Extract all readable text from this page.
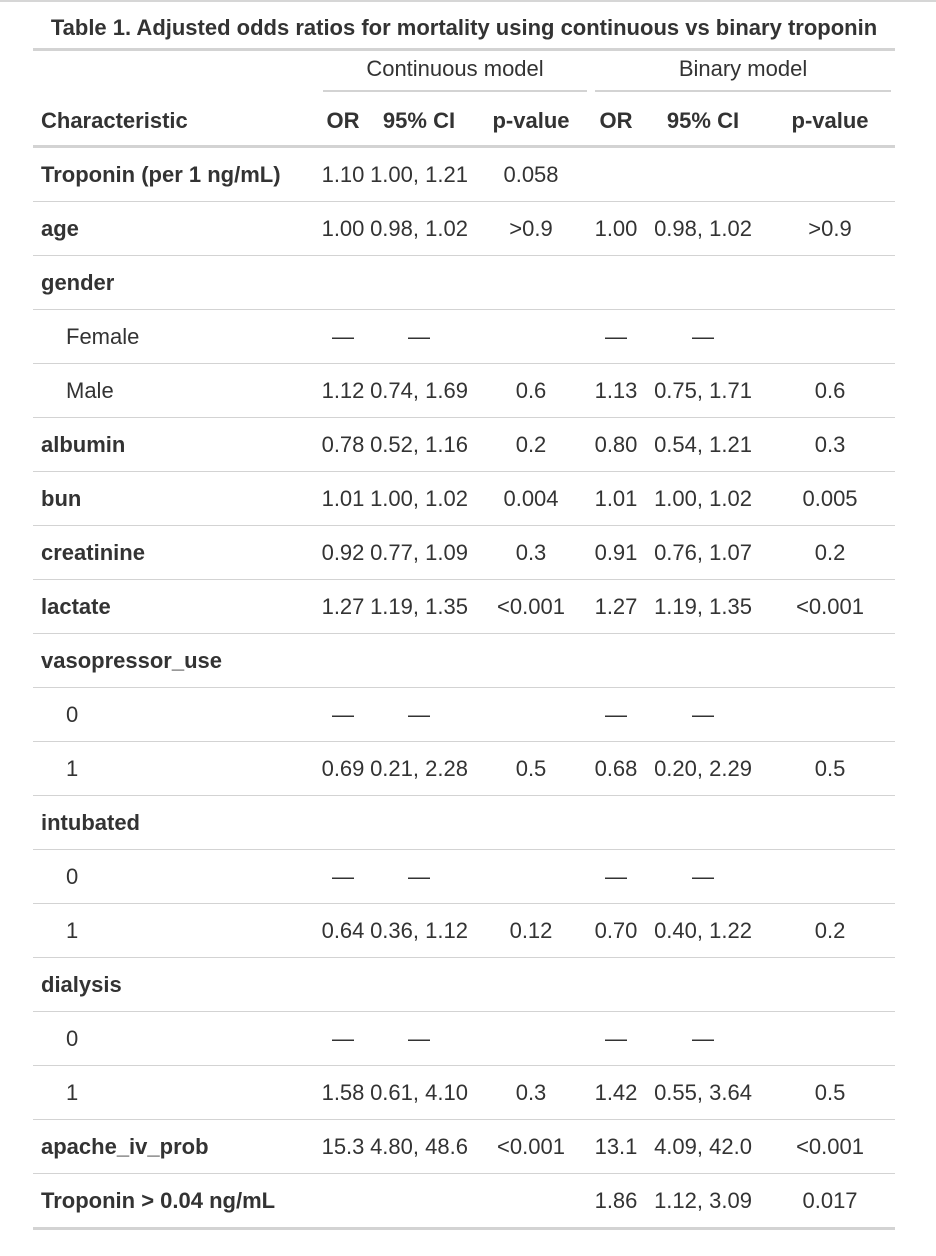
Table 1. Adjusted odds ratios for mortality using continuous vs binary troponin

	Continuous model			Binary model		

Characteristic	OR	95% CI	p-value	OR	95% CI	p-value
Troponin (per 1 ng/mL)	1.10	1.00, 1.21	0.058			
age	1.00	0.98, 1.02	>0.9	1.00	0.98, 1.02	>0.9
gender						
Female	—	—		—	—	
Male	1.12	0.74, 1.69	0.6	1.13	0.75, 1.71	0.6
albumin	0.78	0.52, 1.16	0.2	0.80	0.54, 1.21	0.3
bun	1.01	1.00, 1.02	0.004	1.01	1.00, 1.02	0.005
creatinine	0.92	0.77, 1.09	0.3	0.91	0.76, 1.07	0.2
lactate	1.27	1.19, 1.35	<0.001	1.27	1.19, 1.35	<0.001
vasopressor_use						
0	—	—		—	—	
1	0.69	0.21, 2.28	0.5	0.68	0.20, 2.29	0.5
intubated						
0	—	—		—	—	
1	0.64	0.36, 1.12	0.12	0.70	0.40, 1.22	0.2
dialysis						
0	—	—		—	—	
1	1.58	0.61, 4.10	0.3	1.42	0.55, 3.64	0.5
apache_iv_prob	15.3	4.80, 48.6	<0.001	13.1	4.09, 42.0	<0.001
Troponin > 0.04 ng/mL				1.86	1.12, 3.09	0.017
